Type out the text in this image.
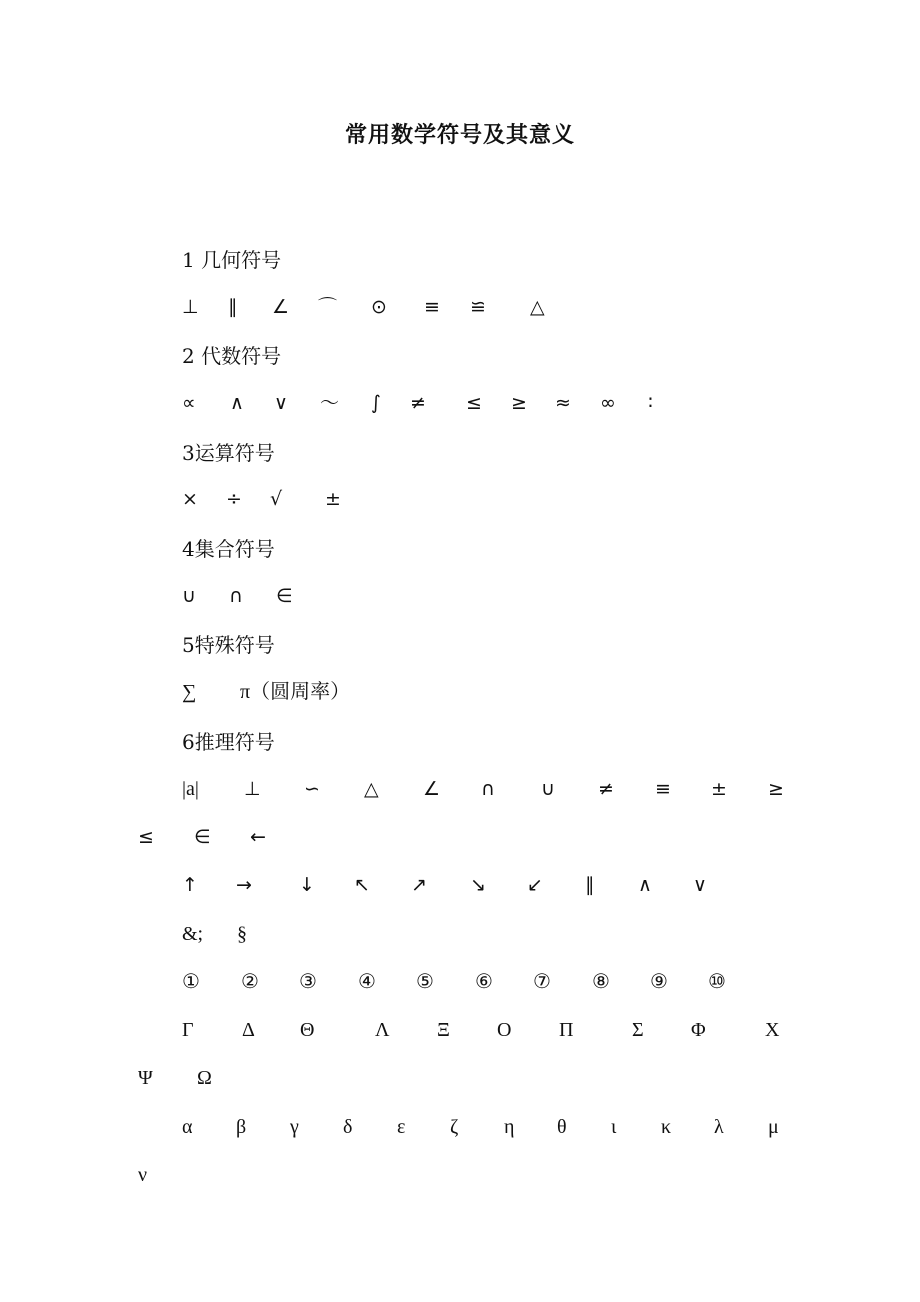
常用数学符号及其意义
1 几何符号
⊥ ∥ ∠ ⌒ ⊙ ≡ ≌ △
2 代数符号
∝ ∧ ∨ ～ ∫ ≠ ≤ ≥ ≈ ∞ ∶
3运算符号
× ÷ √ ±
4集合符号
∪ ∩ ∈
5特殊符号
∑ π（圆周率）
6推理符号
|a| ⊥ ∽ △ ∠ ∩ ∪ ≠ ≡ ± ≥
≤ ∈ ←
↑ → ↓ ↖ ↗ ↘ ↙ ∥ ∧ ∨
&; §
① ② ③ ④ ⑤ ⑥ ⑦ ⑧ ⑨ ⑩
Γ Δ Θ	Λ Ξ Ο Π	Σ Φ	Χ
Ψ Ω
α β γ δ ε ζ η θ ι κ λ μ
ν
